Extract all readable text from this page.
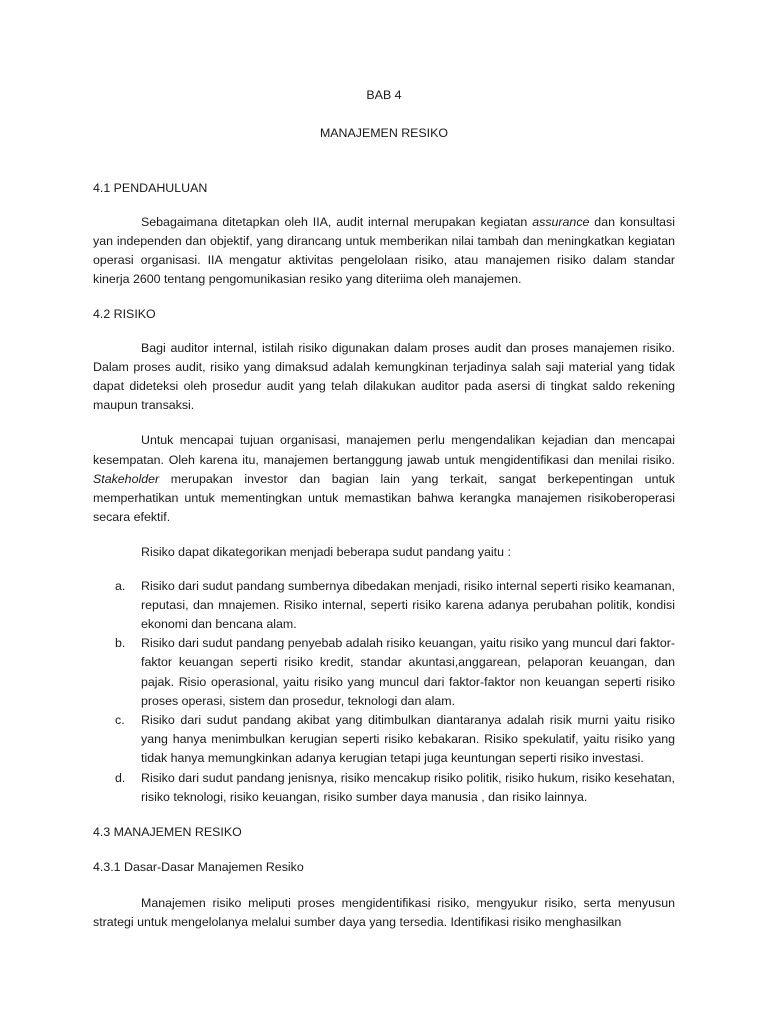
BAB 4

MANAJEMEN RESIKO

4.1 PENDAHULUAN

Sebagaimana ditetapkan oleh IIA, audit internal merupakan kegiatan assurance dan konsultasi yan independen dan objektif, yang dirancang untuk memberikan nilai tambah dan meningkatkan kegiatan operasi organisasi. IIA mengatur aktivitas pengelolaan risiko, atau manajemen risiko dalam standar kinerja 2600 tentang pengomunikasian resiko yang diteriima oleh manajemen.

4.2 RISIKO

Bagi auditor internal, istilah risiko digunakan dalam proses audit dan proses manajemen risiko. Dalam proses audit, risiko yang dimaksud adalah kemungkinan terjadinya salah saji material yang tidak dapat dideteksi oleh prosedur audit yang telah dilakukan auditor pada asersi di tingkat saldo rekening maupun transaksi.

Untuk mencapai tujuan organisasi, manajemen perlu mengendalikan kejadian dan mencapai kesempatan. Oleh karena itu, manajemen bertanggung jawab untuk mengidentifikasi dan menilai risiko. Stakeholder merupakan investor dan bagian lain yang terkait, sangat berkepentingan untuk memperhatikan untuk mementingkan untuk memastikan bahwa kerangka manajemen risikoberoperasi secara efektif.

Risiko dapat dikategorikan menjadi beberapa sudut pandang yaitu :

a. Risiko dari sudut pandang sumbernya dibedakan menjadi, risiko internal seperti risiko keamanan, reputasi, dan mnajemen. Risiko internal, seperti risiko karena adanya perubahan politik, kondisi ekonomi dan bencana alam.
b. Risiko dari sudut pandang penyebab adalah risiko keuangan, yaitu risiko yang muncul dari faktor-faktor keuangan seperti risiko kredit, standar akuntasi,anggarean, pelaporan keuangan, dan pajak. Risio operasional, yaitu risiko yang muncul dari faktor-faktor non keuangan seperti risiko proses operasi, sistem dan prosedur, teknologi dan alam.
c. Risiko dari sudut pandang akibat yang ditimbulkan diantaranya adalah risik murni yaitu risiko yang hanya menimbulkan kerugian seperti risiko kebakaran. Risiko spekulatif, yaitu risiko yang tidak hanya memungkinkan adanya kerugian tetapi juga keuntungan seperti risiko investasi.
d. Risiko dari sudut pandang jenisnya, risiko mencakup risiko politik, risiko hukum, risiko kesehatan, risiko teknologi, risiko keuangan, risiko sumber daya manusia , dan risiko lainnya.

4.3 MANAJEMEN RESIKO

4.3.1 Dasar-Dasar Manajemen Resiko

Manajemen risiko meliputi proses mengidentifikasi risiko, mengyukur risiko, serta menyusun strategi untuk mengelolanya melalui sumber daya yang tersedia. Identifikasi risiko menghasilkan
